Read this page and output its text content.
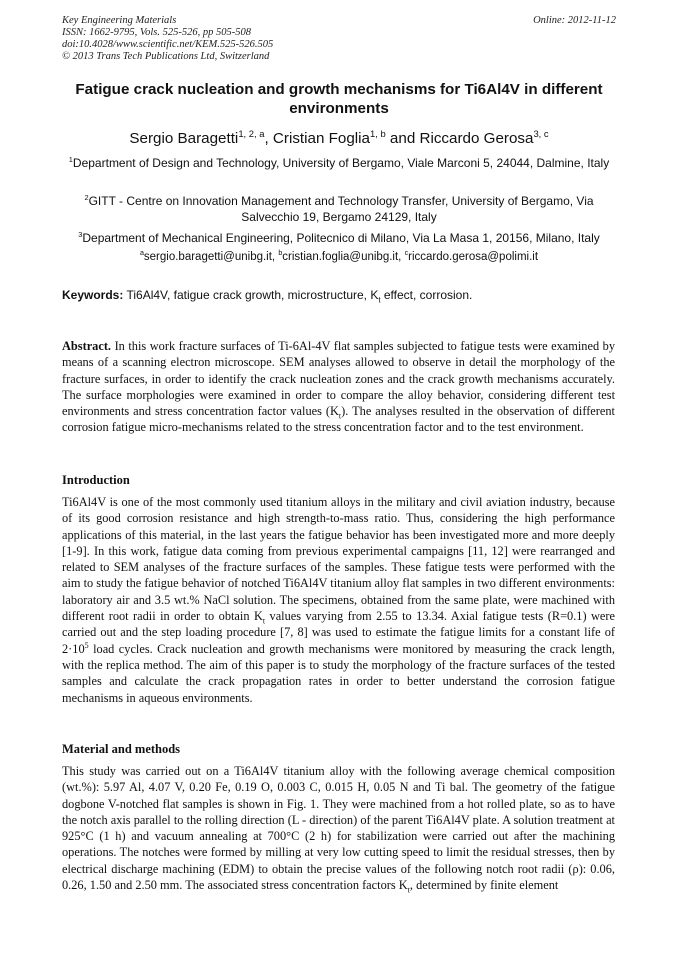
Key Engineering Materials
ISSN: 1662-9795, Vols. 525-526, pp 505-508
doi:10.4028/www.scientific.net/KEM.525-526.505
© 2013 Trans Tech Publications Ltd, Switzerland
Online: 2012-11-12
Fatigue crack nucleation and growth mechanisms for Ti6Al4V in different environments
Sergio Baragetti$^{1, 2, a}$, Cristian Foglia$^{1, b}$ and Riccardo Gerosa$^{3, c}$
$^1$Department of Design and Technology, University of Bergamo, Viale Marconi 5, 24044, Dalmine, Italy
$^2$GITT - Centre on Innovation Management and Technology Transfer, University of Bergamo, Via Salvecchio 19, Bergamo 24129, Italy
$^3$Department of Mechanical Engineering, Politecnico di Milano, Via La Masa 1, 20156, Milano, Italy
$^a$sergio.baragetti@unibg.it, $^b$cristian.foglia@unibg.it, $^c$riccardo.gerosa@polimi.it
Keywords: Ti6Al4V, fatigue crack growth, microstructure, $K_t$ effect, corrosion.
Abstract. In this work fracture surfaces of Ti-6Al-4V flat samples subjected to fatigue tests were examined by means of a scanning electron microscope. SEM analyses allowed to observe in detail the morphology of the fracture surfaces, in order to identify the crack nucleation zones and the crack growth mechanisms accurately. The surface morphologies were examined in order to compare the alloy behavior, considering different test environments and stress concentration factor values $(K_t)$. The analyses resulted in the observation of different corrosion fatigue micro-mechanisms related to the stress concentration factor and to the test environment.
Introduction
Ti6Al4V is one of the most commonly used titanium alloys in the military and civil aviation industry, because of its good corrosion resistance and high strength-to-mass ratio. Thus, considering the high performance applications of this material, in the last years the fatigue behavior has been investigated more and more deeply [1-9]. In this work, fatigue data coming from previous experimental campaigns [11, 12] were rearranged and related to SEM analyses of the fracture surfaces of the samples. These fatigue tests were performed with the aim to study the fatigue behavior of notched Ti6Al4V titanium alloy flat samples in two different environments: laboratory air and 3.5 wt.% NaCl solution. The specimens, obtained from the same plate, were machined with different root radii in order to obtain $K_t$ values varying from 2.55 to 13.34. Axial fatigue tests (R=0.1) were carried out and the step loading procedure [7, 8] was used to estimate the fatigue limits for a constant life of $2\cdot 10^5$ load cycles. Crack nucleation and growth mechanisms were monitored by measuring the crack length, with the replica method. The aim of this paper is to study the morphology of the fracture surfaces of the tested samples and calculate the crack propagation rates in order to better understand the corrosion fatigue mechanisms in aqueous environments.
Material and methods
This study was carried out on a Ti6Al4V titanium alloy with the following average chemical composition (wt.%): 5.97 Al, 4.07 V, 0.20 Fe, 0.19 O, 0.003 C, 0.015 H, 0.05 N and Ti bal. The geometry of the fatigue dogbone V-notched flat samples is shown in Fig. 1. They were machined from a hot rolled plate, so as to have the notch axis parallel to the rolling direction (L - direction) of the parent Ti6Al4V plate. A solution treatment at 925°C (1 h) and vacuum annealing at 700°C (2 h) for stabilization were carried out after the machining operations. The notches were formed by milling at very low cutting speed to limit the residual stresses, then by electrical discharge machining (EDM) to obtain the precise values of the following notch root radii (ρ): 0.06, 0.26, 1.50 and 2.50 mm. The associated stress concentration factors $K_t$, determined by finite element
